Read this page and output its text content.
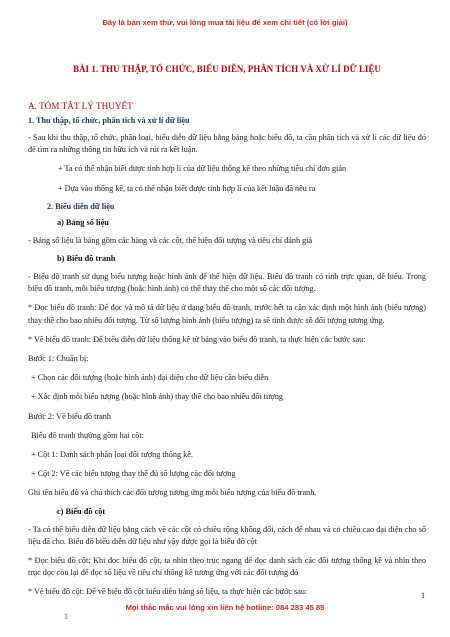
Đây là bản xem thử, vui lòng mua tài liệu để xem chi tiết (có lời giải)
BÀI 1. THU THẬP, TỔ CHỨC, BIỂU DIỄN, PHÂN TÍCH VÀ XỬ LÍ DỮ LIỆU
A. TÓM TẮT LÝ THUYẾT
1. Thu thập, tổ chức, phân tích và xử lí dữ liệu
- Sau khi thu thập, tổ chức, phân loại, biểu diễn dữ liệu bằng bảng hoặc biểu đồ, ta cần phân tích và xử lí các dữ liệu đó để tìm ra những thông tin hữu ích và rút ra kết luận.
+ Ta có thể nhận biết được tính hợp lí của dữ liệu thống kê theo những tiêu chí đơn giản
+ Dựa vào thống kê, ta có thể nhận biết được tính hợp lí của kết luận đã nêu ra
2. Biểu diễn dữ liệu
a) Bảng số liệu
- Bảng số liệu là bảng gồm các hàng và các cột, thể hiện đối tượng và tiêu chí đánh giá
b) Biểu đồ tranh
- Biểu đồ tranh sử dụng biểu tượng hoặc hình ảnh để thể hiện dữ liệu. Biểu đồ tranh có tính trực quan, dễ hiểu. Trong biểu đồ tranh, mỗi biểu tượng (hoặc hình ảnh) có thể thay thế cho một số các đối tượng.
* Đọc biểu đồ tranh: Để đọc và mô tả dữ liệu ở dạng biểu đồ tranh, trước hết ta cần xác định một hình ảnh (biểu tượng) thay thế cho bao nhiêu đối tượng. Từ số lượng hình ảnh (biểu tượng) ta sẽ tính được số đối tượng tương ứng.
* Vẽ biểu đồ tranh: Để biểu diễn dữ liệu thống kê từ bảng vào biểu đồ tranh, ta thực hiện các bước sau:
Bước 1: Chuẩn bị:
+ Chọn các đối tượng (hoặc hình ảnh) đại diện cho dữ liệu cần biểu diễn
+ Xác định mỗi biểu tượng (hoặc hình ảnh) thay thế cho bao nhiêu đối tượng
Bước 2: Vẽ biểu đồ tranh
Biểu đồ tranh thường gồm hai cột:
+ Cột 1: Danh sách phân loại đối tượng thống kê.
+ Cột 2: Vẽ các biểu tượng thay thế đủ số lượng các đối tượng
Ghi tên biểu đồ và chú thích các đối tượng tương ứng mỗi biểu tượng của biểu đồ tranh.
c) Biểu đồ cột
- Ta có thể biểu diễn dữ liệu bằng cách vẽ các cột có chiều rộng không đổi, cách để nhau và có chiều cao đại diện cho số liệu đã cho. Biểu đồ biểu diễn dữ liệu như vậy được gọi là biểu đồ cột
* Đọc biểu đồ cột: Khi đọc biểu đồ cột, ta nhìn theo trục ngang để đọc danh sách các đối tượng thống kê và nhìn theo trục dọc còn lại để đọc số liệu về tiêu chí thống kê tương ứng với các đối tượng đó
* Vẽ biểu đồ cột: Để vẽ biểu đồ cột biểu diễn bảng số liệu, ta thực hiện các bước sau:	1
Mọi thắc mắc vui lòng xin liên hệ hotline: 084 283 45 85
1
